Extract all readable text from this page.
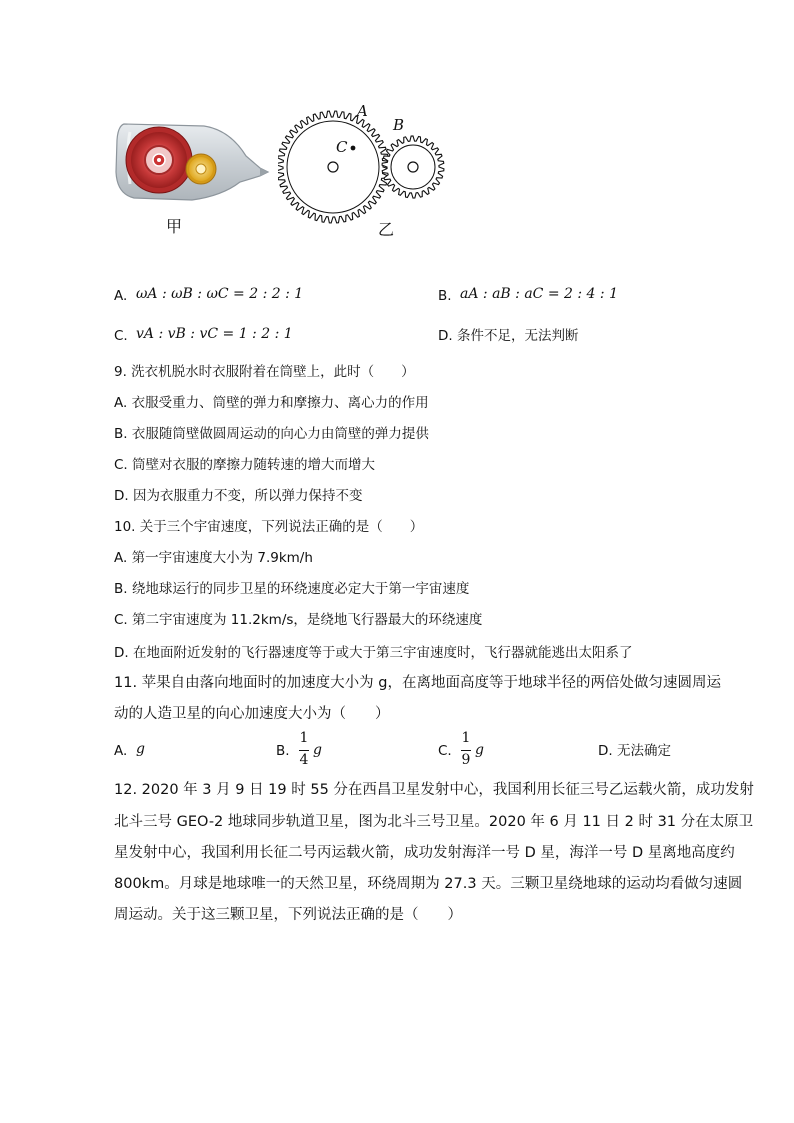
A
B
C
甲	乙
A. ωA : ωB : ωC = 2 : 2 : 1	B. aA : aB : aC = 2 : 4 : 1
C. vA : vB : vC = 1 : 2 : 1	D. 条件不足，无法判断
9. 洗衣机脱水时衣服附着在筒壁上，此时（　　）
A. 衣服受重力、筒壁的弹力和摩擦力、离心力的作用
B. 衣服随筒壁做圆周运动的向心力由筒壁的弹力提供
C. 筒壁对衣服的摩擦力随转速的增大而增大
D. 因为衣服重力不变，所以弹力保持不变
10. 关于三个宇宙速度，下列说法正确的是（　　）
A. 第一宇宙速度大小为 7.9km/h
B. 绕地球运行的同步卫星的环绕速度必定大于第一宇宙速度
C. 第二宇宙速度为 11.2km/s，是绕地飞行器最大的环绕速度
D. 在地面附近发射的飞行器速度等于或大于第三宇宙速度时，飞行器就能逃出太阳系了
11. 苹果自由落向地面时的加速度大小为 g，在离地面高度等于地球半径的两倍处做匀速圆周运
动的人造卫星的向心加速度大小为（　　）
A. g	B.
1
4
g	C.
1
9
g	D. 无法确定
12. 2020 年 3 月 9 日 19 时 55 分在西昌卫星发射中心，我国利用长征三号乙运载火箭，成功发射
北斗三号 GEO-2 地球同步轨道卫星，图为北斗三号卫星。2020 年 6 月 11 日 2 时 31 分在太原卫
星发射中心，我国利用长征二号丙运载火箭，成功发射海洋一号 D 星，海洋一号 D 星离地高度约
800km。月球是地球唯一的天然卫星，环绕周期为 27.3 天。三颗卫星绕地球的运动均看做匀速圆
周运动。关于这三颗卫星，下列说法正确的是（　　）
